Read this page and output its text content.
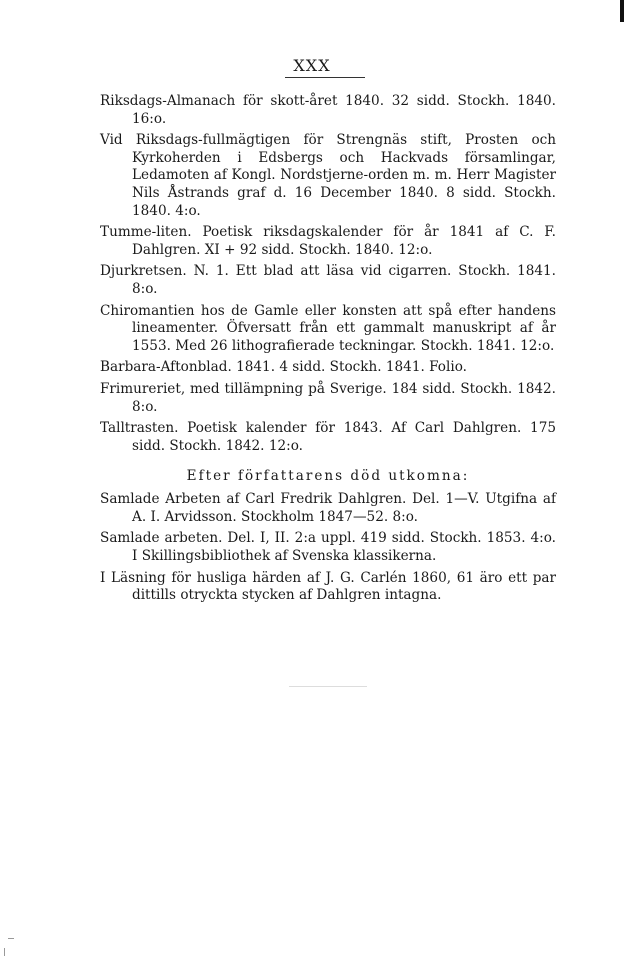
XXX

Riksdags-Almanach för skott-året 1840. 32 sidd. Stockh. 1840. 16:o.

Vid Riksdags-fullmägtigen för Strengnäs stift, Prosten och Kyrkoherden i Edsbergs och Hackvads församlingar, Ledamoten af Kongl. Nordstjerne-orden m. m. Herr Magister Nils Åstrands graf d. 16 December 1840. 8 sidd. Stockh. 1840. 4:o.

Tumme-liten. Poetisk riksdagskalender för år 1841 af C. F. Dahlgren. XI + 92 sidd. Stockh. 1840. 12:o.

Djurkretsen. N. 1. Ett blad att läsa vid cigarren. Stockh. 1841. 8:o.

Chiromantien hos de Gamle eller konsten att spå efter handens lineamenter. Öfversatt från ett gammalt manuskript af år 1553. Med 26 lithografierade teckningar. Stockh. 1841. 12:o.

Barbara-Aftonblad. 1841. 4 sidd. Stockh. 1841. Folio.

Frimureriet, med tillämpning på Sverige. 184 sidd. Stockh. 1842. 8:o.

Talltrasten. Poetisk kalender för 1843. Af Carl Dahlgren. 175 sidd. Stockh. 1842. 12:o.

Efter författarens död utkomna:

Samlade Arbeten af Carl Fredrik Dahlgren. Del. 1—V. Utgifna af A. I. Arvidsson. Stockholm 1847—52. 8:o.

Samlade arbeten. Del. I, II. 2:a uppl. 419 sidd. Stockh. 1853. 4:o. I Skillingsbibliothek af Svenska klassikerna.

I Läsning för husliga härden af J. G. Carlén 1860, 61 äro ett par dittills otryckta stycken af Dahlgren intagna.
